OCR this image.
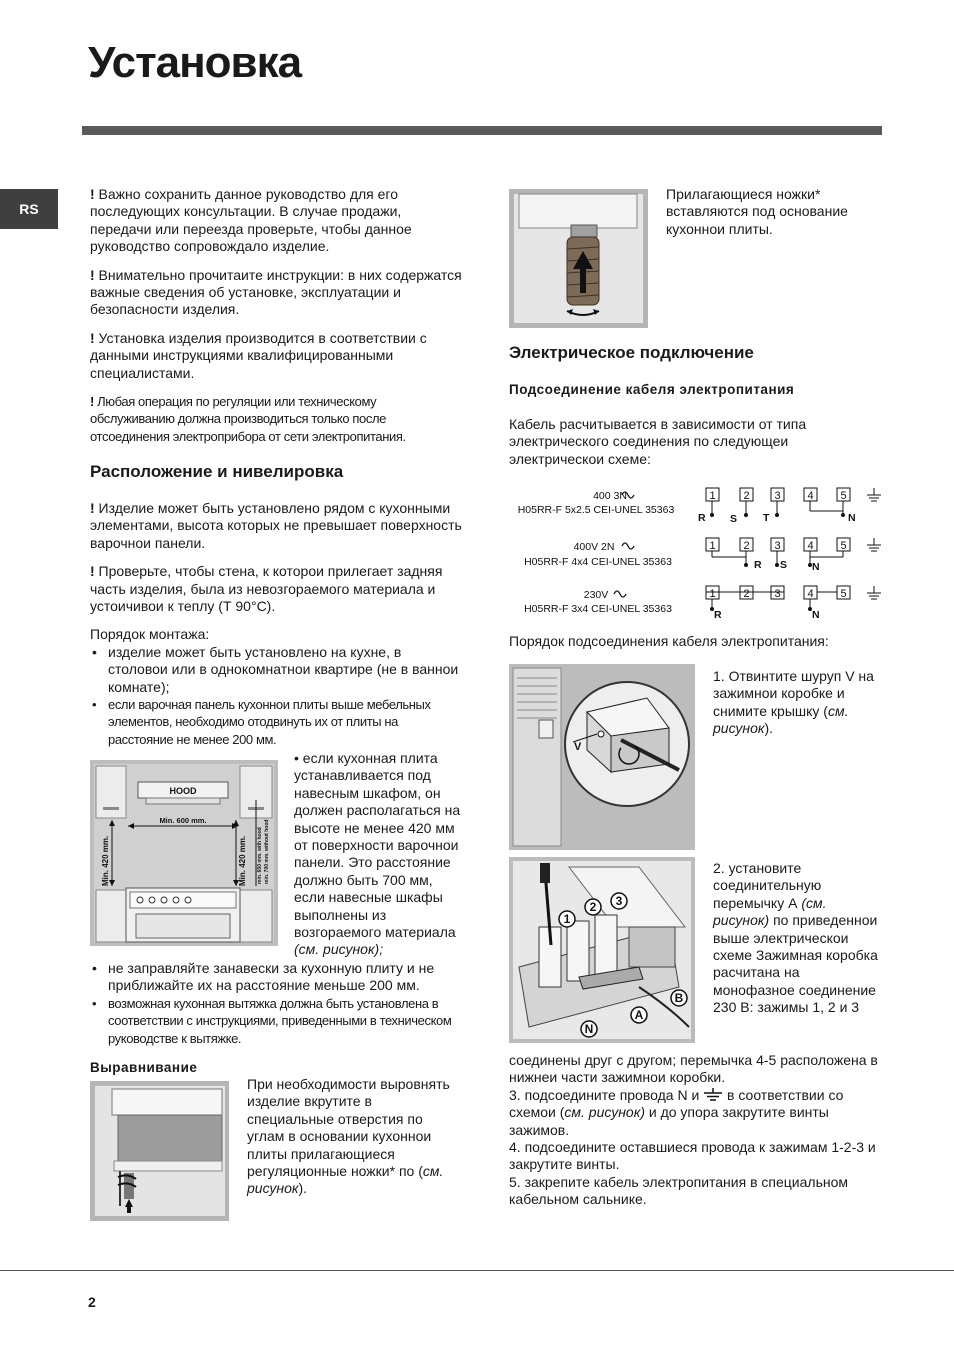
Установка
RS

! Важно сохранить данное руководство для его последующих консультации. В случае продажи, передачи или переезда проверьте, чтобы данное руководство сопровождало изделие.

! Внимательно прочитаите инструкции: в них содержатся важные сведения об установке, эксплуатации и безопасности изделия.

! Установка изделия производится в соответствии с данными инструкциями квалифицированными специалистами.

! Любая операция по регуляции или техническому обслуживанию должна производиться только после отсоединения электроприбора от сети электропитания.

Расположение и нивелировка

! Изделие может быть установлено рядом с кухонными элементами, высота которых не превышает поверхность варочнои панели.

! Проверьте, чтобы стена, к которои прилегает задняя часть изделия, была из невозгораемого материала и устоичивои к теплу (Т 90°С).

Порядок монтажа:
• изделие может быть установлено на кухне, в столовои или в однокомнатнои квартире (не в ваннои комнате);
• если варочная панель кухоннои плиты выше мебельных элементов, необходимо отодвинуть их от плиты на расстояние не менее 200 мм.
HOOD
Min. 600 mm.
Min. 420 mm.	Min. 420 mm. min. 650 mm. with hood min. 700 mm. without hood
• если кухонная плита устанавливается под навесным шкафом, он должен располагаться на высоте не менее 420 мм от поверхности варочнои панели. Это расстояние должно быть 700 мм, если навесные шкафы выполнены из возгораемого материала (см. рисунок);
• не заправляйте занавески за кухонную плиту и не приближайте их на расстояние меньше 200 мм.
• возможная кухонная вытяжка должна быть установлена в соответствии с инструкциями, приведенными в техническом руководстве к вытяжке.
Выравнивание
При необходимости выровнять изделие вкрутите в специальные отверстия по углам в основании кухоннои плиты прилагающиеся регуляционные ножки* по (см. рисунок).
Прилагающиеся ножки* вставляются под основание кухоннои плиты.
Электрическое подключение
Подсоединение кабеля электропитания
Кабель расчитывается в зависимости от типа электрического соединения по следующеи электрическои схеме:
400 3N
H05RR-F 5x2.5 CEI-UNEL 35363
1	2 3 4 5
R S T	N
400V 2N
H05RR-F 4x4 CEI-UNEL 35363
1	2 3 4 5
R S N
230V
H05RR-F 3x4 CEI-UNEL 35363
1	2 3 4 5
R	N
Порядок подсоединения кабеля электропитания:
V
1. Отвинтите шуруп V на зажимнои коробке и снимите крышку (см. рисунок).
1
2 3
B
A
N
2. установите соединительную перемычку А (см. рисунок) по приведеннои выше электрическои схеме Зажимная коробка расчитана на монофазное соединение 230 В: зажимы 1, 2 и 3
соединены друг с другом; перемычка 4-5 расположена в нижнеи части зажимнои коробки.
3. подсоедините провода N и  в соответствии со схемои (см. рисунок) и до упора закрутите винты зажимов.
4. подсоедините оставшиеся провода к зажимам 1-2-3 и закрутите винты.
5. закрепите кабель электропитания в специальном кабельном сальнике.
2
